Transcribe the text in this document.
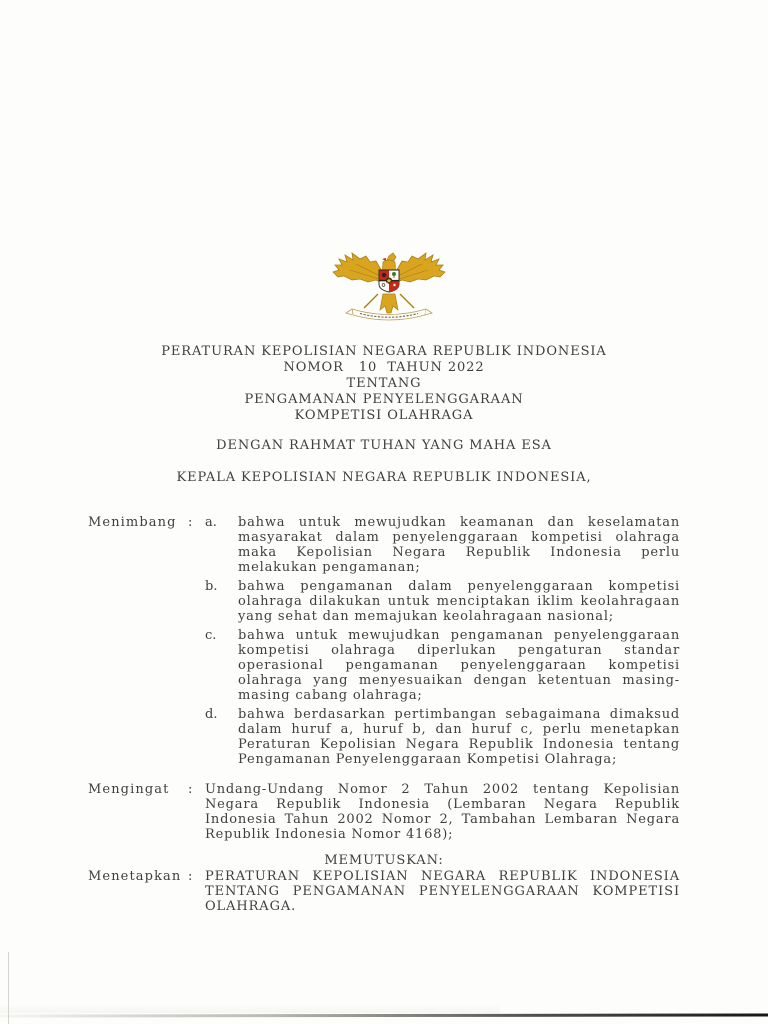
PERATURAN KEPOLISIAN NEGARA REPUBLIK INDONESIA
NOMOR   10  TAHUN 2022
TENTANG
PENGAMANAN PENYELENGGARAAN
KOMPETISI OLAHRAGA
DENGAN RAHMAT TUHAN YANG MAHA ESA
KEPALA KEPOLISIAN NEGARA REPUBLIK INDONESIA,
Menimbang : a.	bahwa untuk mewujudkan keamanan dan keselamatan masyarakat dalam penyelenggaraan kompetisi olahraga maka Kepolisian Negara Republik Indonesia perlu melakukan pengamanan;
b.	bahwa pengamanan dalam penyelenggaraan kompetisi olahraga dilakukan untuk menciptakan iklim keolahragaan yang sehat dan memajukan keolahragaan nasional;
c.	bahwa untuk mewujudkan pengamanan penyelenggaraan kompetisi olahraga diperlukan pengaturan standar operasional pengamanan penyelenggaraan kompetisi olahraga yang menyesuaikan dengan ketentuan masing-masing cabang olahraga;
d.	bahwa berdasarkan pertimbangan sebagaimana dimaksud dalam huruf a, huruf b, dan huruf c, perlu menetapkan Peraturan Kepolisian Negara Republik Indonesia tentang Pengamanan Penyelenggaraan Kompetisi Olahraga;
Mengingat	: Undang-Undang Nomor 2 Tahun 2002 tentang Kepolisian Negara Republik Indonesia (Lembaran Negara Republik Indonesia Tahun 2002 Nomor 2, Tambahan Lembaran Negara Republik Indonesia Nomor 4168);
MEMUTUSKAN:
Menetapkan : PERATURAN KEPOLISIAN NEGARA REPUBLIK INDONESIA TENTANG PENGAMANAN PENYELENGGARAAN KOMPETISI OLAHRAGA.
